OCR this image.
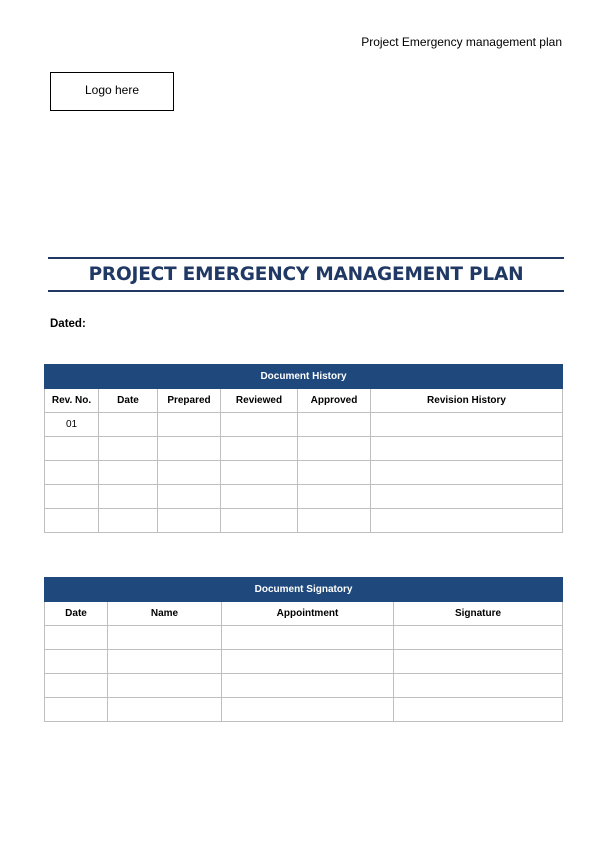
Project Emergency management plan
Logo here
PROJECT EMERGENCY MANAGEMENT PLAN
Dated:
Document History					
Rev. No.	Date	Prepared	Reviewed	Approved	Revision History
01					

Document Signatory			
Date	Name	Appointment	Signature
